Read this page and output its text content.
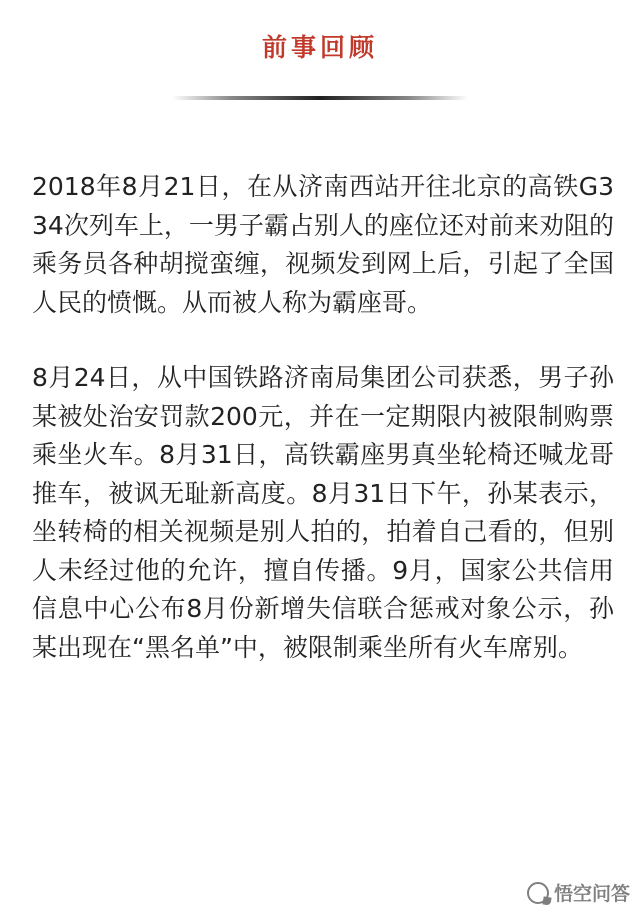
前事回顾

2018年8月21日，在从济南西站开往北京的高铁G334次列车上，一男子霸占别人的座位还对前来劝阻的乘务员各种胡搅蛮缠，视频发到网上后，引起了全国人民的愤慨。从而被人称为霸座哥。

8月24日，从中国铁路济南局集团公司获悉，男子孙某被处治安罚款200元，并在一定期限内被限制购票乘坐火车。8月31日，高铁霸座男真坐轮椅还喊龙哥推车，被讽无耻新高度。8月31日下午，孙某表示，坐转椅的相关视频是别人拍的，拍着自己看的，但别人未经过他的允许，擅自传播。9月，国家公共信用信息中心公布8月份新增失信联合惩戒对象公示，孙某出现在“黑名单”中，被限制乘坐所有火车席别。

悟空问答
